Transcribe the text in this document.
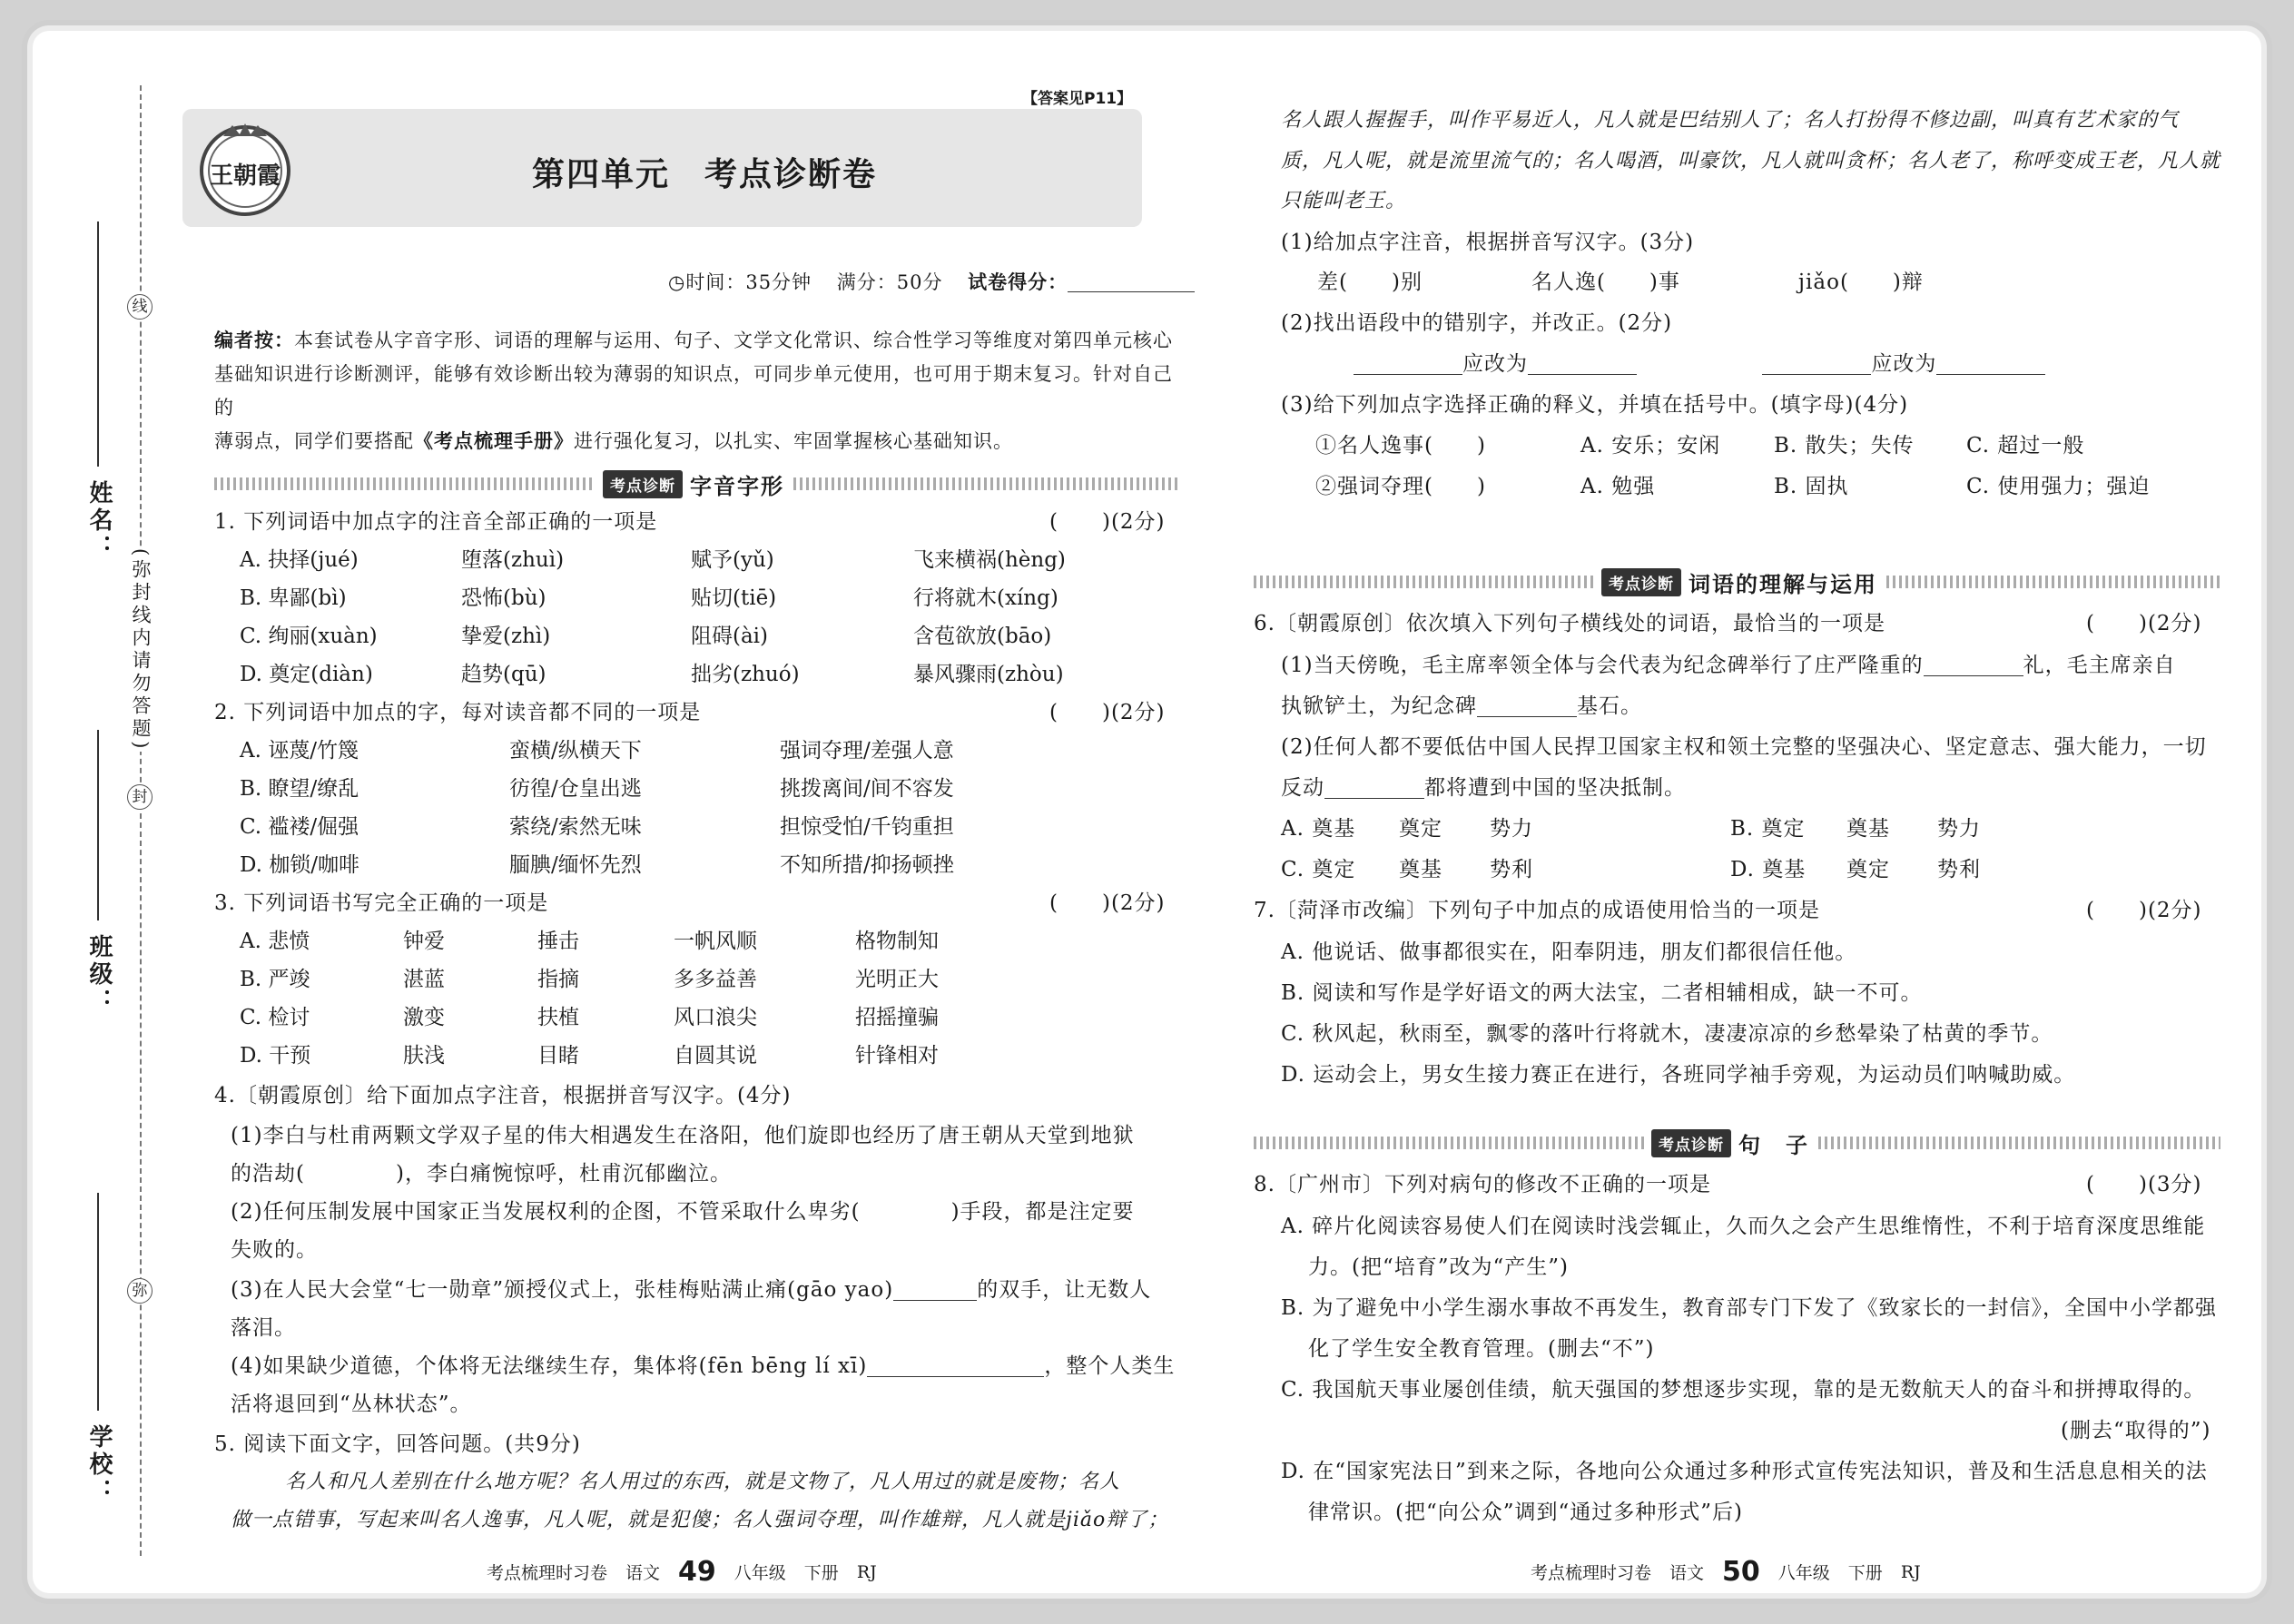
线
封
弥
(弥封线内请勿答题)
姓名：
班级：
学校：
【答案见P11】
王朝霞	第四单元　考点诊断卷
◷时间：35分钟 满分：50分 试卷得分：
编者按：本套试卷从字音字形、词语的理解与运用、句子、文学文化常识、综合性学习等维度对第四单元核心
基础知识进行诊断测评，能够有效诊断出较为薄弱的知识点，可同步单元使用，也可用于期末复习。针对自己的
薄弱点，同学们要搭配《考点梳理手册》进行强化复习，以扎实、牢固掌握核心基础知识。
考点诊断 字音字形
1. 下列词语中加点字的注音全部正确的一项是	(　　)(2分)
A. 抉择(jué)	堕落(zhuì)	赋予(yǔ)	飞来横祸(hèng)
B. 卑鄙(bì)	恐怖(bù)	贴切(tiē)	行将就木(xíng)
C. 绚丽(xuàn)	挚爱(zhì)	阻碍(ài)	含苞欲放(bāo)
D. 奠定(diàn)	趋势(qū)	拙劣(zhuó)	暴风骤雨(zhòu)
2. 下列词语中加点的字，每对读音都不同的一项是	(　　)(2分)
A. 诬蔑/竹篾	蛮横/纵横天下	强词夺理/差强人意
B. 瞭望/缭乱	彷徨/仓皇出逃	挑拨离间/间不容发
C. 褴褛/倔强	萦绕/索然无味	担惊受怕/千钧重担
D. 枷锁/咖啡	腼腆/缅怀先烈	不知所措/抑扬顿挫
3. 下列词语书写完全正确的一项是	(　　)(2分)
A. 悲愤	钟爱	捶击	一帆风顺	格物制知
B. 严竣	湛蓝	指摘	多多益善	光明正大
C. 检讨	激变	扶植	风口浪尖	招摇撞骗
D. 干预	肤浅	目睹	自圆其说	针锋相对
4.〔朝霞原创〕给下面加点字注音，根据拼音写汉字。(4分)
(1)李白与杜甫两颗文学双子星的伟大相遇发生在洛阳，他们旋即也经历了唐王朝从天堂到地狱
的浩劫(	)，李白痛惋惊呼，杜甫沉郁幽泣。
(2)任何压制发展中国家正当发展权利的企图，不管采取什么卑劣(	)手段，都是注定要
失败的。
(3)在人民大会堂“七一勋章”颁授仪式上，张桂梅贴满止痛(gāo yao)	的双手，让无数人
落泪。
(4)如果缺少道德，个体将无法继续生存，集体将(fēn bēng lí xī)	，整个人类生
活将退回到“丛林状态”。
5. 阅读下面文字，回答问题。(共9分)
名人和凡人差别在什么地方呢？名人用过的东西，就是文物了，凡人用过的就是废物；名人
做一点错事，写起来叫名人逸事，凡人呢，就是犯傻；名人强词夺理，叫作雄辩，凡人就是jiǎo辩了；
考点梳理时习卷 语文 49 八年级 下册 RJ
名人跟人握握手，叫作平易近人，凡人就是巴结别人了；名人打扮得不修边副，叫真有艺术家的气
质，凡人呢，就是流里流气的；名人喝酒，叫豪饮，凡人就叫贪杯；名人老了，称呼变成王老，凡人就
只能叫老王。
(1)给加点字注音，根据拼音写汉字。(3分)
差(　　)别	名人逸(　　)事	jiǎo(　　)辩
(2)找出语段中的错别字，并改正。(2分)
应改为	应改为
(3)给下列加点字选择正确的释义，并填在括号中。(填字母)(4分)
①名人逸事(　　)	A. 安乐；安闲	B. 散失；失传 C. 超过一般
②强词夺理(　　)	A. 勉强	B. 固执	C. 使用强力；强迫
考点诊断 词语的理解与运用
6.〔朝霞原创〕依次填入下列句子横线处的词语，最恰当的一项是	(　　)(2分)
(1)当天傍晚，毛主席率领全体与会代表为纪念碑举行了庄严隆重的	礼，毛主席亲自
执锨铲土，为纪念碑	基石。
(2)任何人都不要低估中国人民捍卫国家主权和领土完整的坚强决心、坚定意志、强大能力，一切
反动	都将遭到中国的坚决抵制。
A. 奠基 奠定 势力	B. 奠定 奠基 势力
C. 奠定 奠基 势利	D. 奠基 奠定 势利
7.〔菏泽市改编〕下列句子中加点的成语使用恰当的一项是	(　　)(2分)
A. 他说话、做事都很实在，阳奉阴违，朋友们都很信任他。
B. 阅读和写作是学好语文的两大法宝，二者相辅相成，缺一不可。
C. 秋风起，秋雨至，飘零的落叶行将就木，凄凄凉凉的乡愁晕染了枯黄的季节。
D. 运动会上，男女生接力赛正在进行，各班同学袖手旁观，为运动员们呐喊助威。
考点诊断 句　子
8.〔广州市〕下列对病句的修改不正确的一项是	(　　)(3分)
A. 碎片化阅读容易使人们在阅读时浅尝辄止，久而久之会产生思维惰性，不利于培育深度思维能
力。(把“培育”改为“产生”)
B. 为了避免中小学生溺水事故不再发生，教育部专门下发了《致家长的一封信》，全国中小学都强
化了学生安全教育管理。(删去“不”)
C. 我国航天事业屡创佳绩，航天强国的梦想逐步实现，靠的是无数航天人的奋斗和拼搏取得的。
(删去“取得的”)
D. 在“国家宪法日”到来之际，各地向公众通过多种形式宣传宪法知识，普及和生活息息相关的法
律常识。(把“向公众”调到“通过多种形式”后)
考点梳理时习卷 语文 50 八年级 下册 RJ
